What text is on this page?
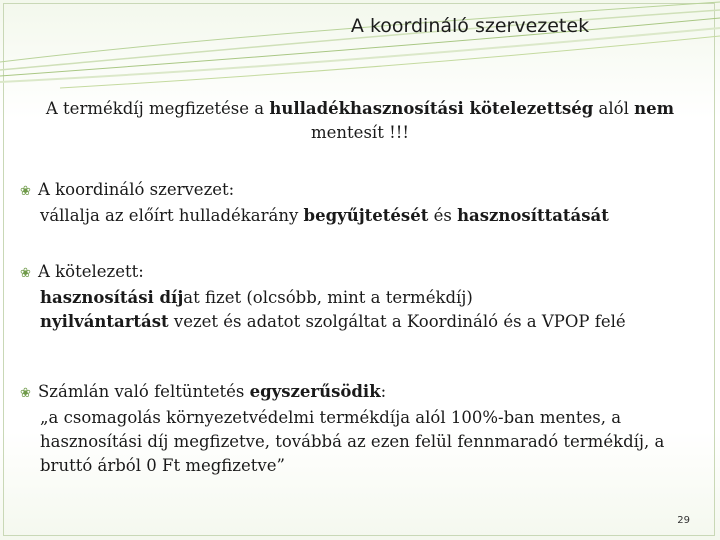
A koordináló szervezetek
A termékdíj megfizetése a hulladékhasznosítási kötelezettség alól nem
mentesít !!!
❀ A koordináló szervezet:
vállalja az előírt hulladékarány begyűjtetését és hasznosíttatását
❀ A kötelezett:
hasznosítási díjat fizet (olcsóbb, mint a termékdíj)
nyilvántartást vezet és adatot szolgáltat a Koordináló és a VPOP felé
❀ Számlán való feltüntetés egyszerűsödik:
„a csomagolás környezetvédelmi termékdíja alól 100%-ban mentes, a hasznosítási díj megfizetve, továbbá az ezen felül fennmaradó termékdíj, a bruttó árból 0 Ft megfizetve”
29
